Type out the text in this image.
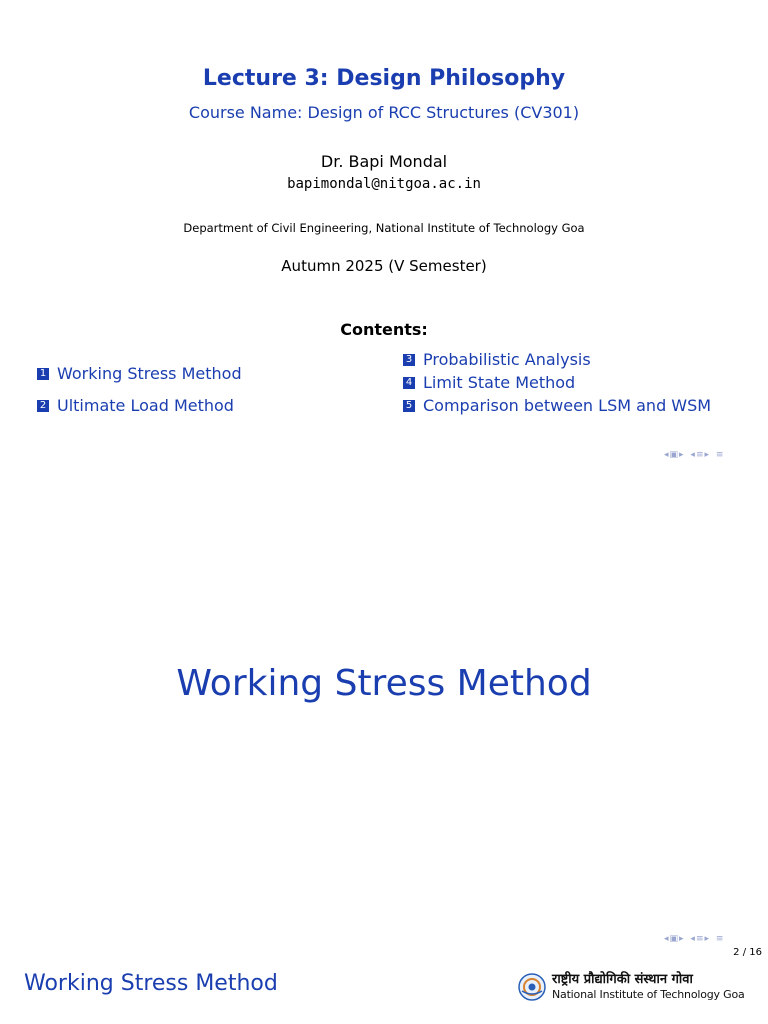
Lecture 3: Design Philosophy
Course Name: Design of RCC Structures (CV301)
Dr. Bapi Mondal
bapimondal@nitgoa.ac.in
Department of Civil Engineering, National Institute of Technology Goa
Autumn 2025 (V Semester)
Contents:
1 Working Stress Method
2 Ultimate Load Method
3 Probabilistic Analysis
4 Limit State Method
5 Comparison between LSM and WSM
◂▣▸ ◂≡▸ ≡
Working Stress Method
◂▣▸ ◂≡▸ ≡
2 / 16
Working Stress Method	राष्ट्रीय प्रौद्योगिकी संस्थान गोवा
National Institute of Technology Goa
